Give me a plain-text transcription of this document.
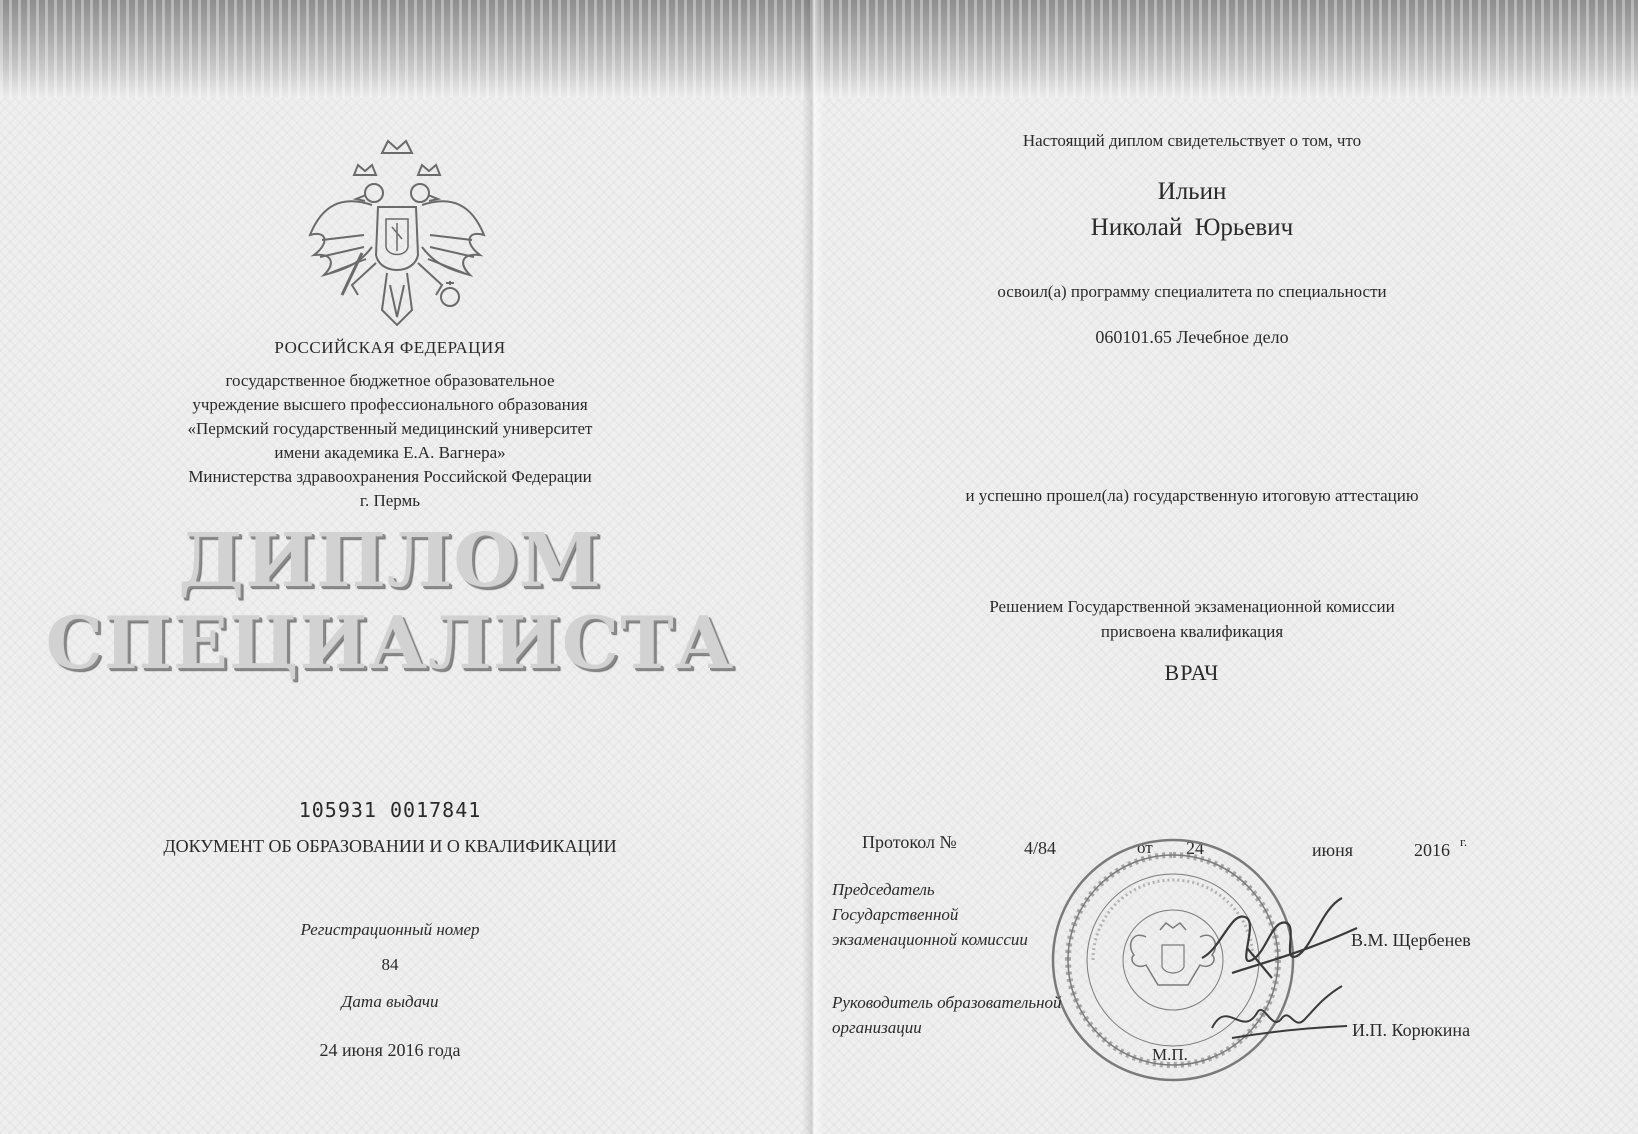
РОССИЙСКАЯ ФЕДЕРАЦИЯ
государственное бюджетное образовательное
учреждение высшего профессионального образования
«Пермский государственный медицинский университет
имени академика Е.А. Вагнера»
Министерства здравоохранения Российской Федерации
г. Пермь
ДИПЛОМ
СПЕЦИАЛИСТА
105931 0017841
ДОКУМЕНТ ОБ ОБРАЗОВАНИИ И О КВАЛИФИКАЦИИ
Регистрационный номер
84
Дата выдачи
24 июня 2016 года
Настоящий диплом свидетельствует о том, что
Ильин
Николай  Юрьевич
освоил(а) программу специалитета по специальности
060101.65 Лечебное дело
и успешно прошел(ла) государственную итоговую аттестацию
Решением Государственной экзаменационной комиссии
присвоена квалификация
ВРАЧ
Протокол №	4/84	от 24	июня	2016 г.
Председатель
Государственной
экзаменационной комиссии	В.М. Щербенев
Руководитель образовательной
организации	И.П. Корюкина
М.П.
